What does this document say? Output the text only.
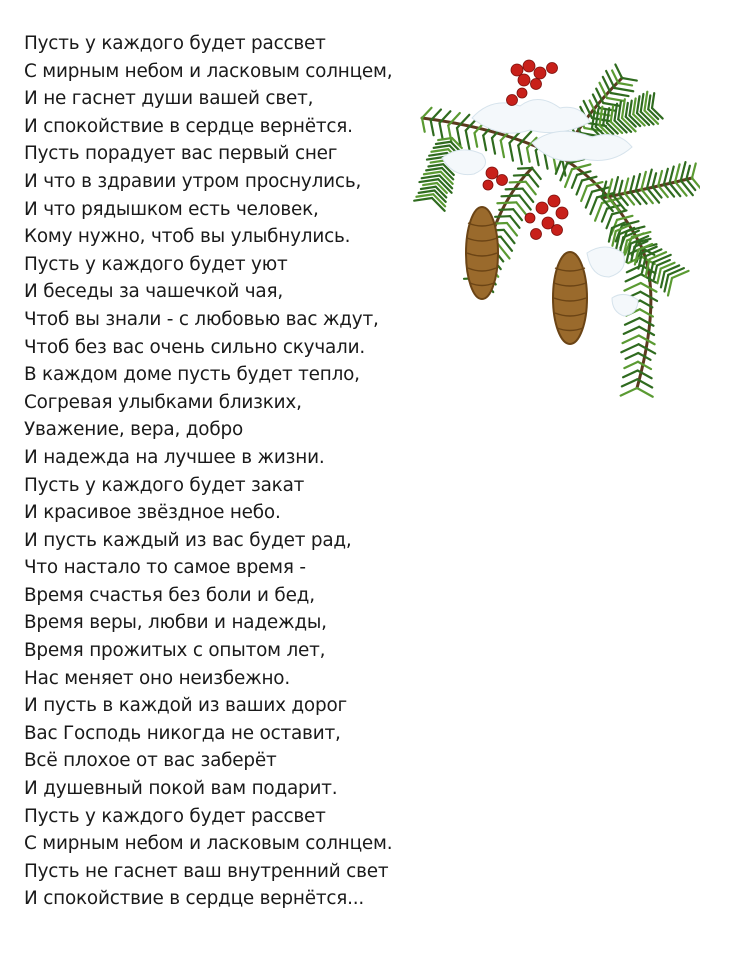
Пусть у каждого будет рассвет
С мирным небом и ласковым солнцем,
И не гаснет души вашей свет,
И спокойствие в сердце вернётся.
Пусть порадует вас первый снег
И что в здравии утром проснулись,
И что рядышком есть человек,
Кому нужно, чтоб вы улыбнулись.
Пусть у каждого будет уют
И беседы за чашечкой чая,
Чтоб вы знали - с любовью вас ждут,
Чтоб без вас очень сильно скучали.
В каждом доме пусть будет тепло,
Согревая улыбками близких,
Уважение, вера, добро
И надежда на лучшее в жизни.
Пусть у каждого будет закат
И красивое звёздное небо.
И пусть каждый из вас будет рад,
Что настало то самое время -
Время счастья без боли и бед,
Время веры, любви и надежды,
Время прожитых с опытом лет,
Нас меняет оно неизбежно.
И пусть в каждой из ваших дорог
Вас Господь никогда не оставит,
Всё плохое от вас заберёт
И душевный покой вам подарит.
Пусть у каждого будет рассвет
С мирным небом и ласковым солнцем.
Пусть не гаснет ваш внутренний свет
И спокойствие в сердце вернётся...
